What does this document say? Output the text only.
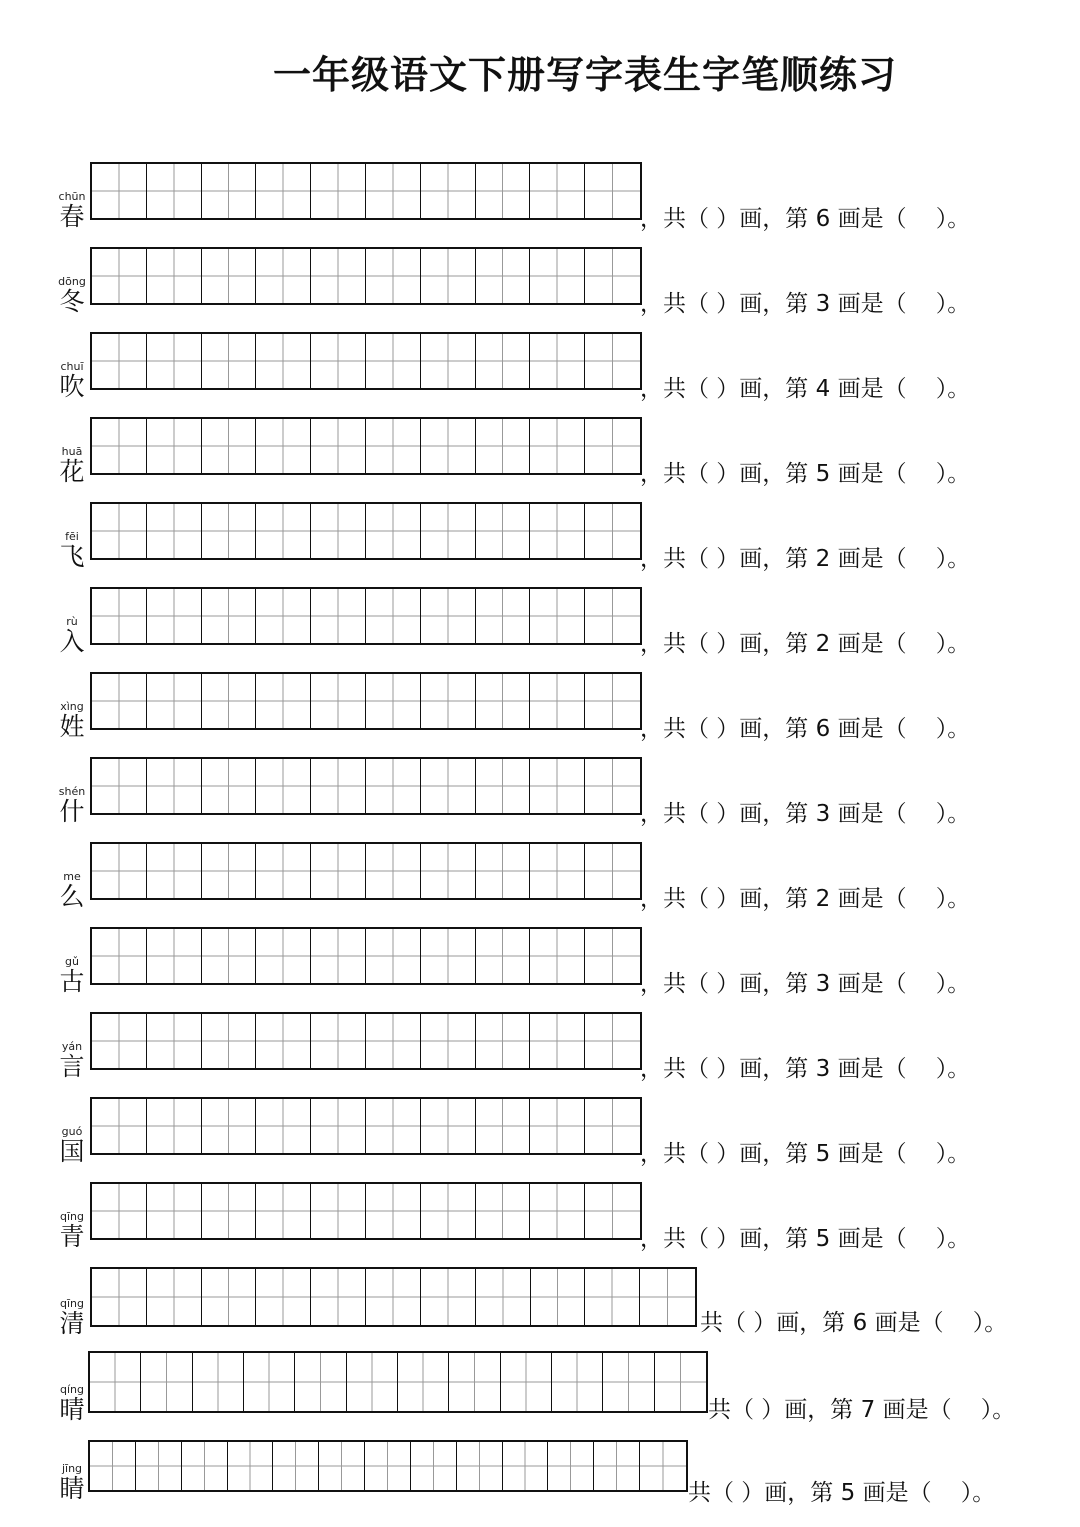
一年级语文下册写字表生字笔顺练习
chūn
春	，共（ ）画，第 6 画是（    ）。
dōng
冬	，共（ ）画，第 3 画是（    ）。
chuī
吹	，共（ ）画，第 4 画是（    ）。
huā
花	，共（ ）画，第 5 画是（    ）。
fēi
飞	，共（ ）画，第 2 画是（    ）。
rù
入	，共（ ）画，第 2 画是（    ）。
xìng
姓	，共（ ）画，第 6 画是（    ）。
shén
什	，共（ ）画，第 3 画是（    ）。
me
么	，共（ ）画，第 2 画是（    ）。
gǔ
古	，共（ ）画，第 3 画是（    ）。
yán
言	，共（ ）画，第 3 画是（    ）。
guó
国	，共（ ）画，第 5 画是（    ）。
qīng
青	，共（ ）画，第 5 画是（    ）。
qīng
清	共（ ）画，第 6 画是（    ）。
qíng
晴	共（ ）画，第 7 画是（    ）。
jīng
睛	共（ ）画，第 5 画是（    ）。
